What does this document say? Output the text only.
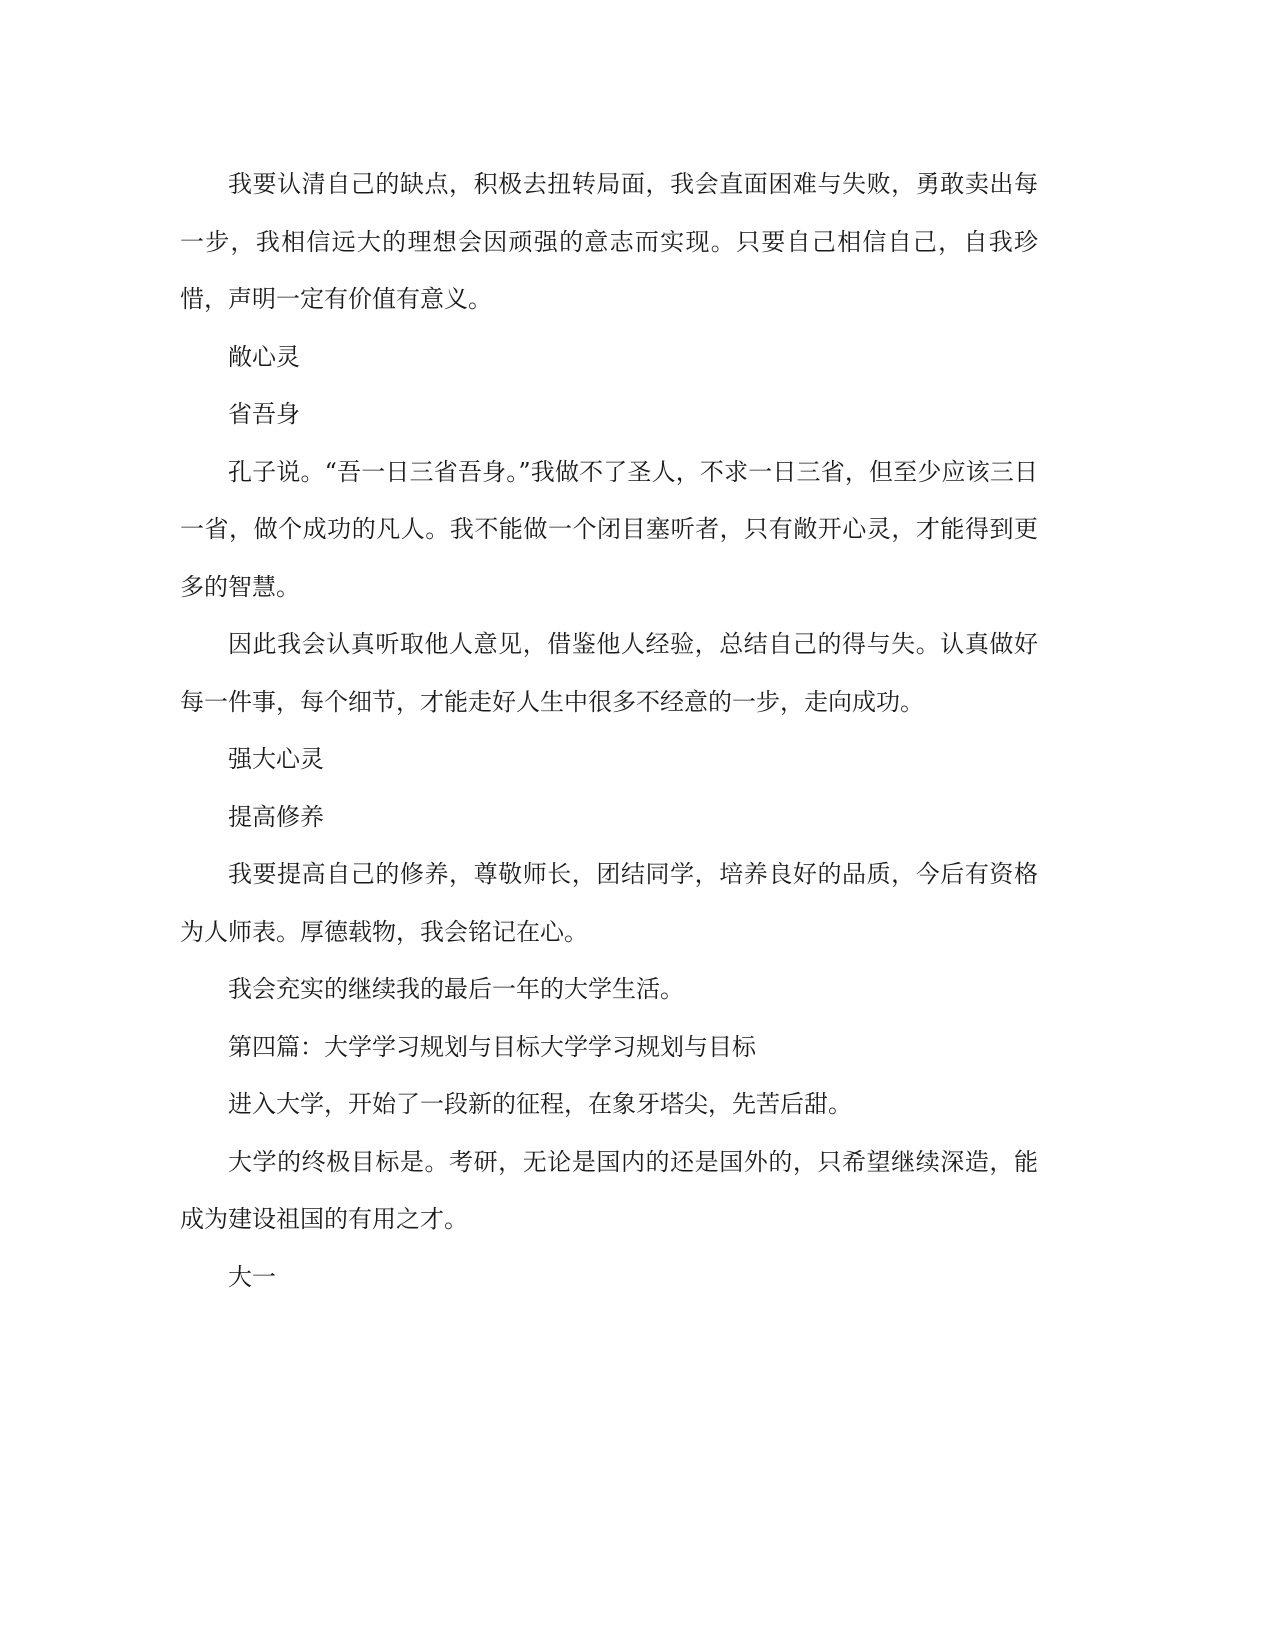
我要认清自己的缺点，积极去扭转局面，我会直面困难与失败，勇敢卖出每一步，我相信远大的理想会因顽强的意志而实现。只要自己相信自己，自我珍惜，声明一定有价值有意义。

敞心灵

省吾身

孔子说。“吾一日三省吾身。”我做不了圣人，不求一日三省，但至少应该三日一省，做个成功的凡人。我不能做一个闭目塞听者，只有敞开心灵，才能得到更多的智慧。

因此我会认真听取他人意见，借鉴他人经验，总结自己的得与失。认真做好每一件事，每个细节，才能走好人生中很多不经意的一步，走向成功。

强大心灵

提高修养

我要提高自己的修养，尊敬师长，团结同学，培养良好的品质，今后有资格为人师表。厚德载物，我会铭记在心。

我会充实的继续我的最后一年的大学生活。

第四篇：大学学习规划与目标大学学习规划与目标

进入大学，开始了一段新的征程，在象牙塔尖，先苦后甜。

大学的终极目标是。考研，无论是国内的还是国外的，只希望继续深造，能成为建设祖国的有用之才。

大一
